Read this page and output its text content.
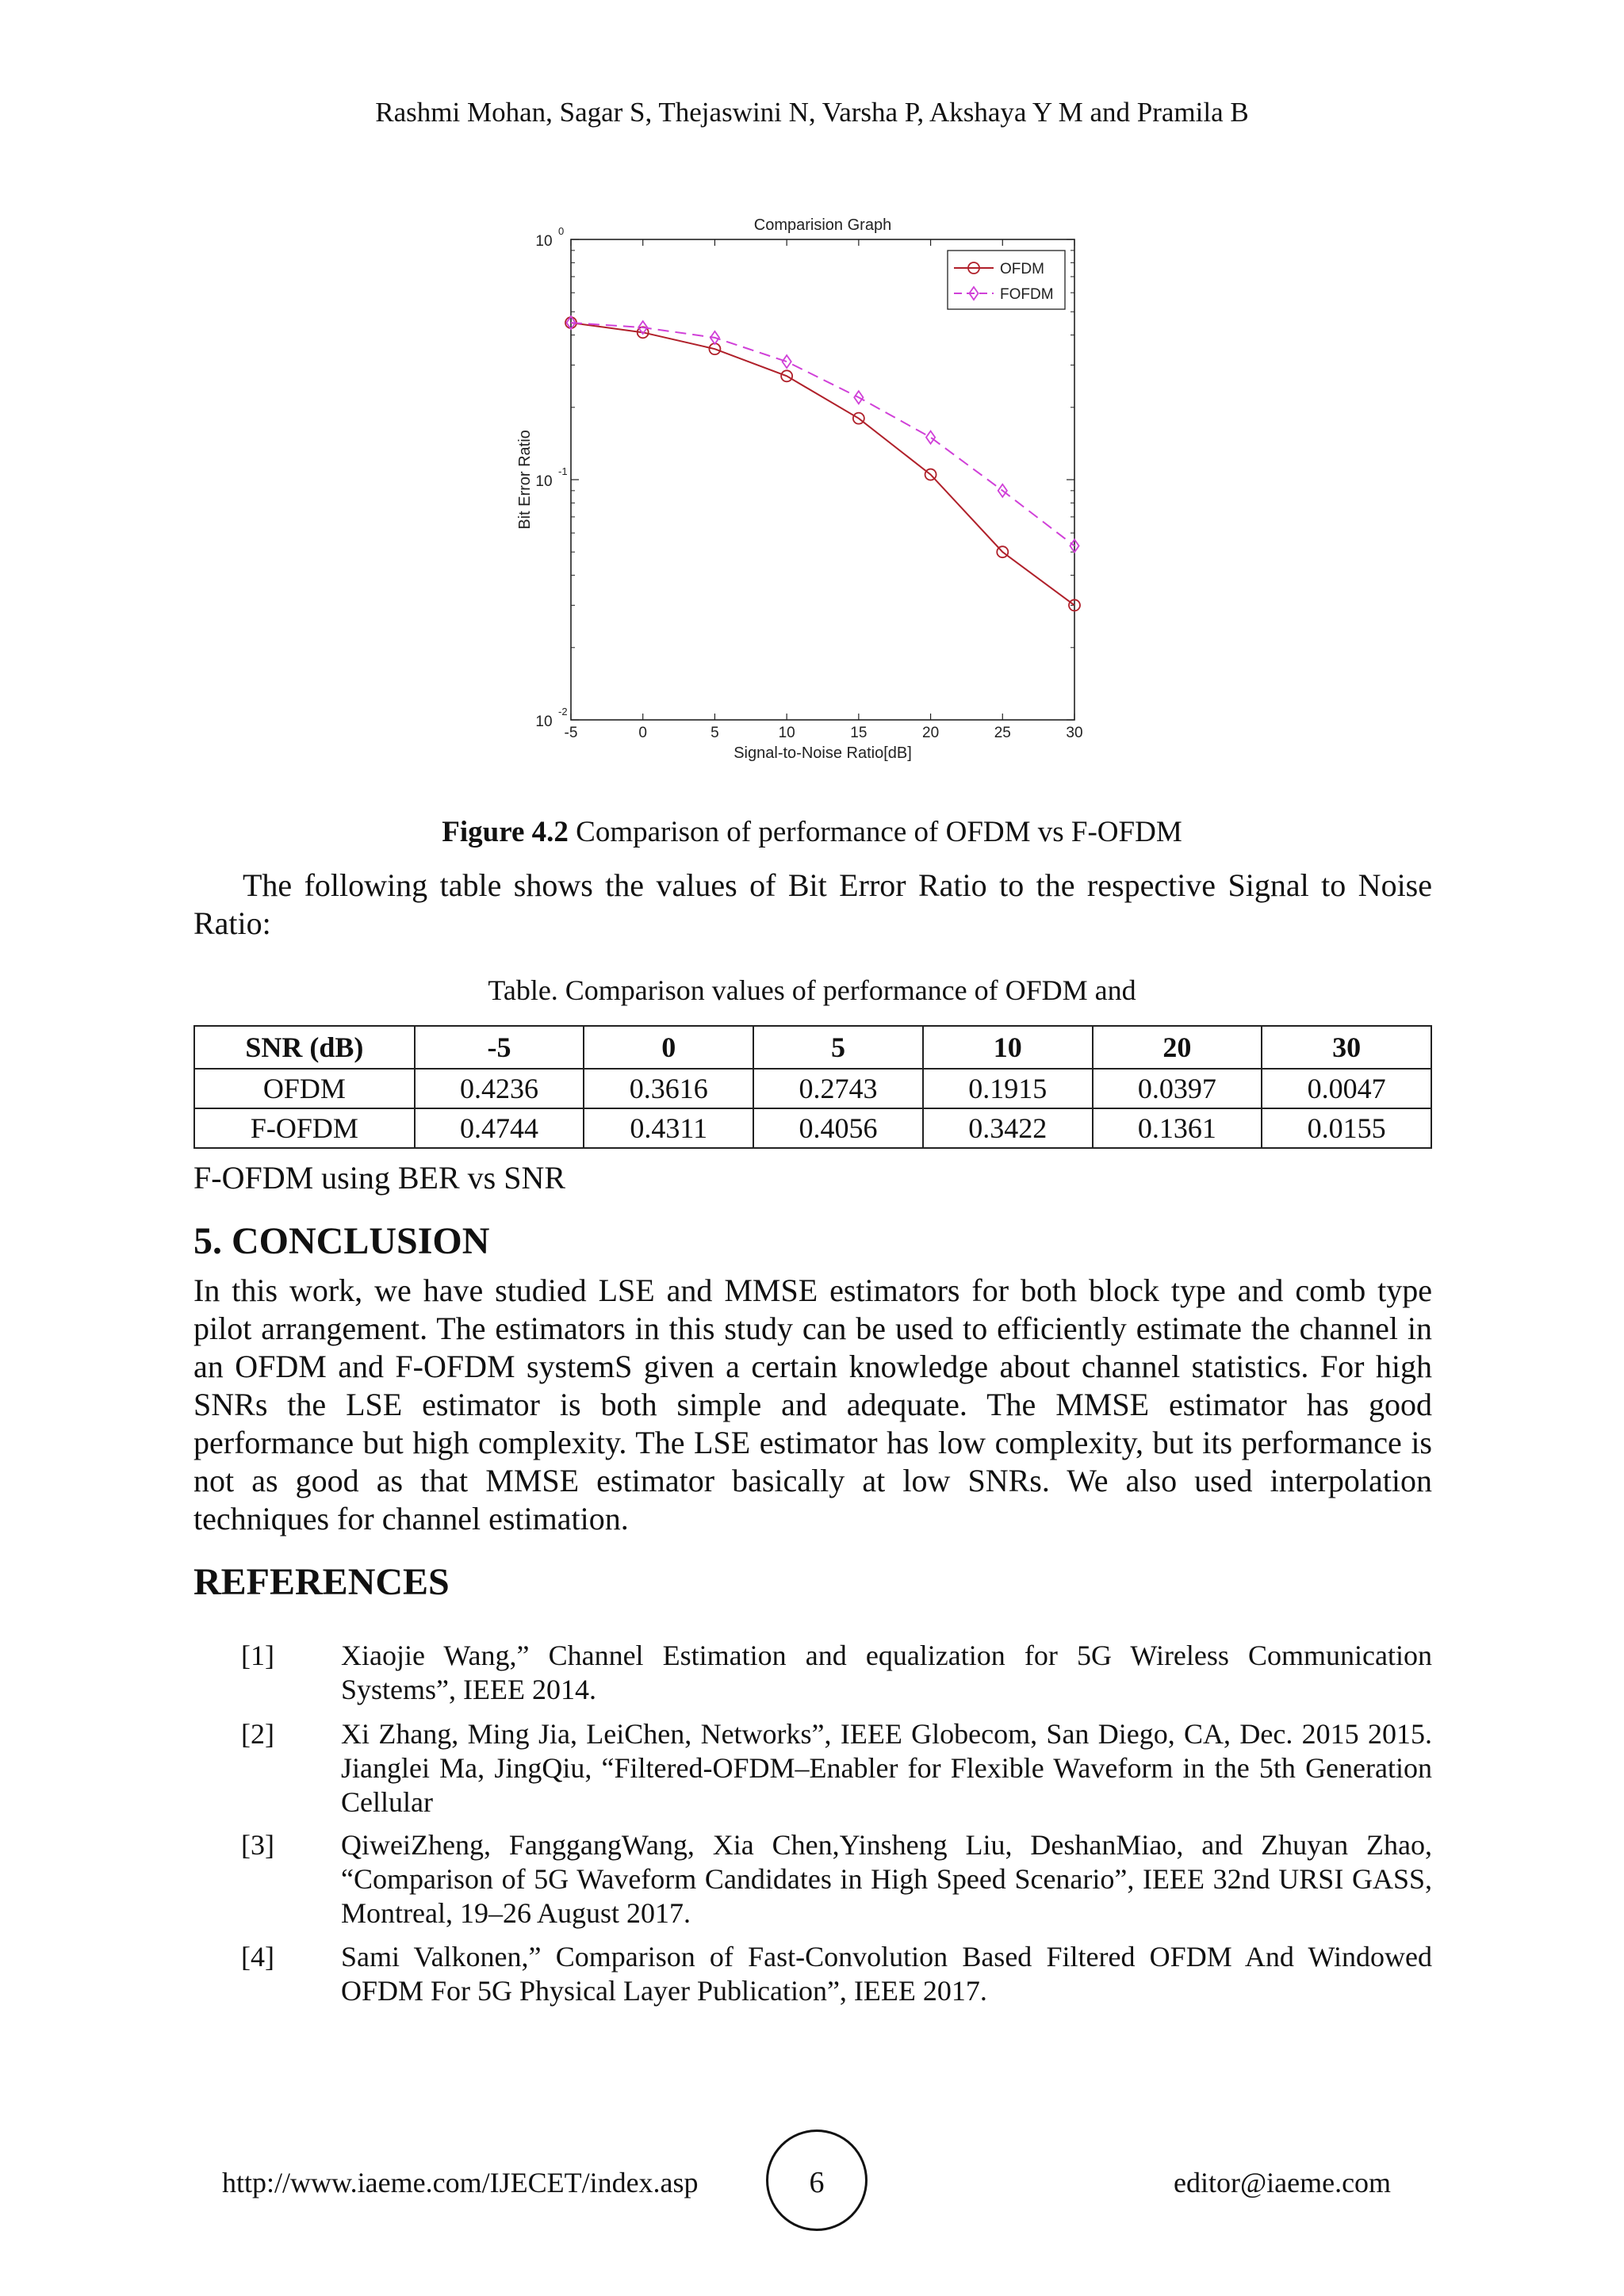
Rashmi Mohan, Sagar S, Thejaswini N, Varsha P, Akshaya Y M and Pramila B
Comparision Graph
-5	0	5	10	15	20	25	30
Signal-to-Noise Ratio[dB]
10
0
10
-1
10
-2
Bit Error Ratio
OFDM
FOFDM
Figure 4.2 Comparison of performance of OFDM vs F-OFDM
The following table shows the values of Bit Error Ratio to the respective Signal to Noise Ratio:
Table. Comparison values of performance of OFDM and
SNR (dB)	-5	0	5	10	20	30
OFDM	0.4236	0.3616	0.2743	0.1915	0.0397	0.0047
F-OFDM	0.4744	0.4311	0.4056	0.3422	0.1361	0.0155
F-OFDM using BER vs SNR
5. CONCLUSION
In this work, we have studied LSE and MMSE estimators for both block type and comb type pilot arrangement. The estimators in this study can be used to efficiently estimate the channel in an OFDM and F-OFDM systemS given a certain knowledge about channel statistics. For high SNRs the LSE estimator is both simple and adequate. The MMSE estimator has good performance but high complexity. The LSE estimator has low complexity, but its performance is not as good as that MMSE estimator basically at low SNRs. We also used interpolation techniques for channel estimation.
REFERENCES
[1] Xiaojie Wang,” Channel Estimation and equalization for 5G Wireless Communication Systems”, IEEE 2014.
[2] Xi Zhang, Ming Jia, LeiChen, Networks”, IEEE Globecom, San Diego, CA, Dec. 2015 2015. Jianglei Ma, JingQiu, “Filtered-OFDM–Enabler for Flexible Waveform in the 5th Generation Cellular
[3] QiweiZheng, FanggangWang, Xia Chen,Yinsheng Liu, DeshanMiao, and Zhuyan Zhao, “Comparison of 5G Waveform Candidates in High Speed Scenario”, IEEE 32nd URSI GASS, Montreal, 19–26 August 2017.
[4] Sami Valkonen,” Comparison of Fast-Convolution Based Filtered OFDM And Windowed OFDM For 5G Physical Layer Publication”, IEEE 2017.
http://www.iaeme.com/IJECET/index.asp	6	editor@iaeme.com
